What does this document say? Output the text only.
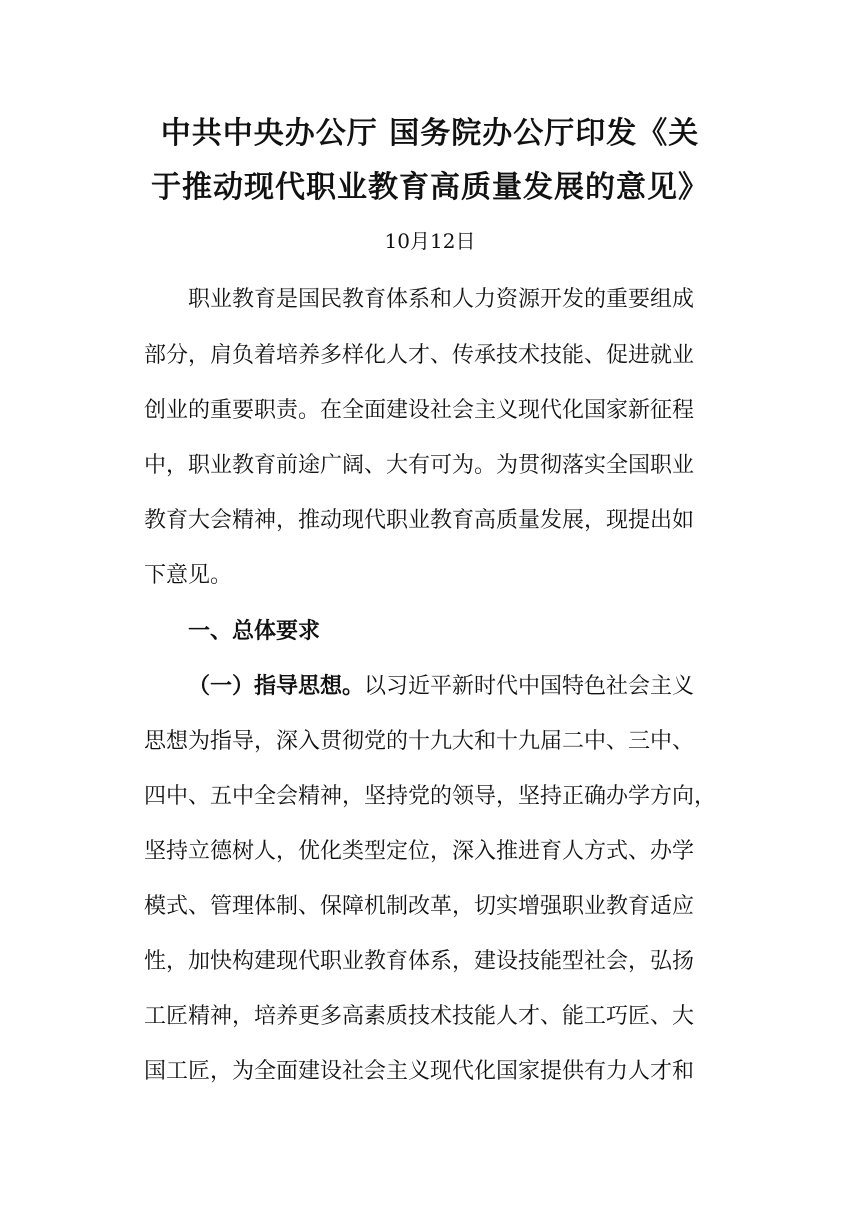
中共中央办公厅 国务院办公厅印发《关
于推动现代职业教育高质量发展的意见》
10月12日
职业教育是国民教育体系和人力资源开发的重要组成
部分，肩负着培养多样化人才、传承技术技能、促进就业
创业的重要职责。在全面建设社会主义现代化国家新征程
中，职业教育前途广阔、大有可为。为贯彻落实全国职业
教育大会精神，推动现代职业教育高质量发展，现提出如
下意见。
一、总体要求
（一）指导思想。以习近平新时代中国特色社会主义
思想为指导，深入贯彻党的十九大和十九届二中、三中、
四中、五中全会精神，坚持党的领导，坚持正确办学方向，
坚持立德树人，优化类型定位，深入推进育人方式、办学
模式、管理体制、保障机制改革，切实增强职业教育适应
性，加快构建现代职业教育体系，建设技能型社会，弘扬
工匠精神，培养更多高素质技术技能人才、能工巧匠、大
国工匠，为全面建设社会主义现代化国家提供有力人才和
